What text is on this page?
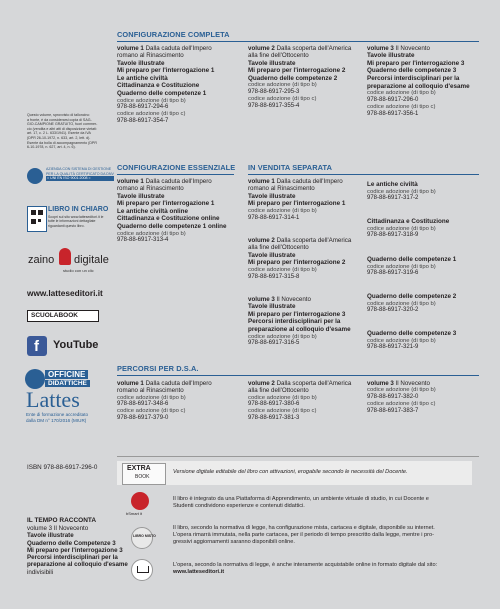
CONFIGURAZIONE COMPLETA
volume 1 Dalla caduta dell'Impero
romano al Rinascimento
Tavole illustrate
Mi preparo per l'interrogazione 1
Le antiche civiltà
Cittadinanza e Costituzione
Quaderno delle competenze 1
codice adozione (di tipo b)
978-88-6917-294-6
codice adozione (di tipo c)
978-88-6917-354-7
volume 2 Dalla scoperta dell'America
alla fine dell'Ottocento
Tavole illustrate
Mi preparo per l'interrogazione 2
Quaderno delle competenze 2
codice adozione (di tipo b)
978-88-6917-295-3
codice adozione (di tipo c)
978-88-6917-355-4
volume 3 Il Novecento
Tavole illustrate
Mi preparo per l'interrogazione 3
Quaderno delle competenze 3
Percorsi interdisciplinari per la
preparazione al colloquio d'esame
codice adozione (di tipo b)
978-88-6917-296-0
codice adozione (di tipo c)
978-88-6917-356-1
Questo volume, sprovvisto di talloncino
a fronte, è da considerarsi copia di SAG-
GIO-CAMPIONE GRATUITO, fuori commer-
cio (vendita e altri atti di disposizione vietati:
art. 17, c. 2 L. 633/1941). Esente da IVA
(DPR 26-10-1972, n. 633, art. 2, lett. d).
Esente da bolla di accompagnamento (DPR
6-10-1978, n. 627, art. 4, n. 6).
CONFIGURAZIONE ESSENZIALE
volume 1 Dalla caduta dell'Impero
romano al Rinascimento
Tavole illustrate
Mi preparo per l'interrogazione 1
Le antiche civiltà online
Cittadinanza e Costituzione online
Quaderno delle competenze 1 online
codice adozione (di tipo b)
978-88-6917-313-4
IN VENDITA SEPARATA
volume 1 Dalla caduta dell'Impero
romano al Rinascimento
Tavole illustrate
Mi preparo per l'interrogazione 1
codice adozione (di tipo b)
978-88-6917-314-1
volume 2 Dalla scoperta dell'America
alla fine dell'Ottocento
Tavole illustrate
Mi preparo per l'interrogazione 2
codice adozione (di tipo b)
978-88-6917-315-8
volume 3 Il Novecento
Tavole illustrate
Mi preparo per l'interrogazione 3
Percorsi interdisciplinari per la
preparazione al colloquio d'esame
codice adozione (di tipo b)
978-88-6917-316-5
Le antiche civiltà
codice adozione (di tipo b)
978-88-6917-317-2
Cittadinanza e Costituzione
codice adozione (di tipo b)
978-88-6917-318-9
Quaderno delle competenze 1
codice adozione (di tipo b)
978-88-6917-319-6
Quaderno delle competenze 2
codice adozione (di tipo b)
978-88-6917-320-2
Quaderno delle competenze 3
codice adozione (di tipo b)
978-88-6917-321-9
PERCORSI PER D.S.A.
volume 1 Dalla caduta dell'Impero
romano al Rinascimento
codice adozione (di tipo b)
978-88-6917-348-6
codice adozione (di tipo c)
978-88-6917-379-0
volume 2 Dalla scoperta dell'America
alla fine dell'Ottocento
codice adozione (di tipo b)
978-88-6917-380-6
codice adozione (di tipo c)
978-88-6917-381-3
volume 3 Il Novecento
codice adozione (di tipo b)
978-88-6917-382-0
codice adozione (di tipo c)
978-88-6917-383-7
AZIENDA CON SISTEMA DI GESTIONE
PER LA QUALITÀ CERTIFICATO DA DNV
= UNI EN ISO 9001:2008 =
LIBRO IN CHIARO
Scopri sul sito www.latteseditori.it le
tutte le informazioni dettagliate
riguardanti questo libro.
zaino digitale
studio con un clic
www.latteseditori.it
SCUOLABOOK
f YouTube
OFFICINE
DIDATTICHE
Lattes
Ente di formazione accreditato
dalla DM n° 170/2016 (MIUR)
ISBN 978-88-6917-296-0
IL TEMPO RACCONTA
volume 3 Il Novecento
Tavole illustrate
Quaderno delle Competenze 3
Mi preparo per l'interrogazione 3
Percorsi interdisciplinari per la
preparazione al colloquio d'esame
indivisibili
EXTRA
BOOK
Versione digitale editabile del libro con attivazioni, erogabile secondo le necessità del Docente.
bSmart it
Il libro è integrato da una Piattaforma di Apprendimento, un ambiente virtuale di studio, in cui Docente e
Studenti condividono esperienze e contenuti didattici.
LIBRO MISTO
Il libro, secondo la normativa di legge, ha configurazione mista, cartacea e digitale, disponibile su internet.
L'opera rimarrà immutata, nella parte cartacea, per il periodo di tempo prescritto dalla legge, mentre i pro-
gressivi aggiornamenti saranno disponibili online.
L'opera, secondo la normativa di legge, è anche interamente acquistabile online in formato digitale dal sito:
www.latteseditori.it
